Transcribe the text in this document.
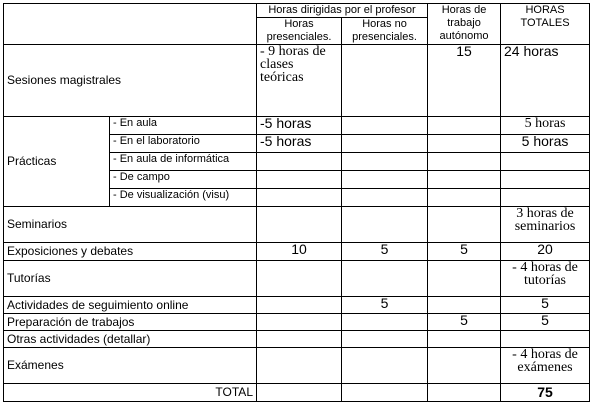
		Horas dirigidas por el profesor		Horas de trabajo autónomo	HORAS TOTALES
		Horas presenciales.	Horas no presenciales.		
Sesiones magistrales		- 9 horas de clases teóricas		15	24 horas
Prácticas	- En aula	-5 horas			5 horas
	- En el laboratorio	-5 horas			5 horas
	- En aula de informática				
	- De campo				
	- De visualización (visu)				
Seminarios					3 horas de seminarios
Exposiciones y debates		10	5	5	20
Tutorías					- 4 horas de tutorías
Actividades de seguimiento online			5		5
Preparación de trabajos				5	5
Otras actividades (detallar)					
Exámenes					- 4 horas de exámenes
TOTAL					75
